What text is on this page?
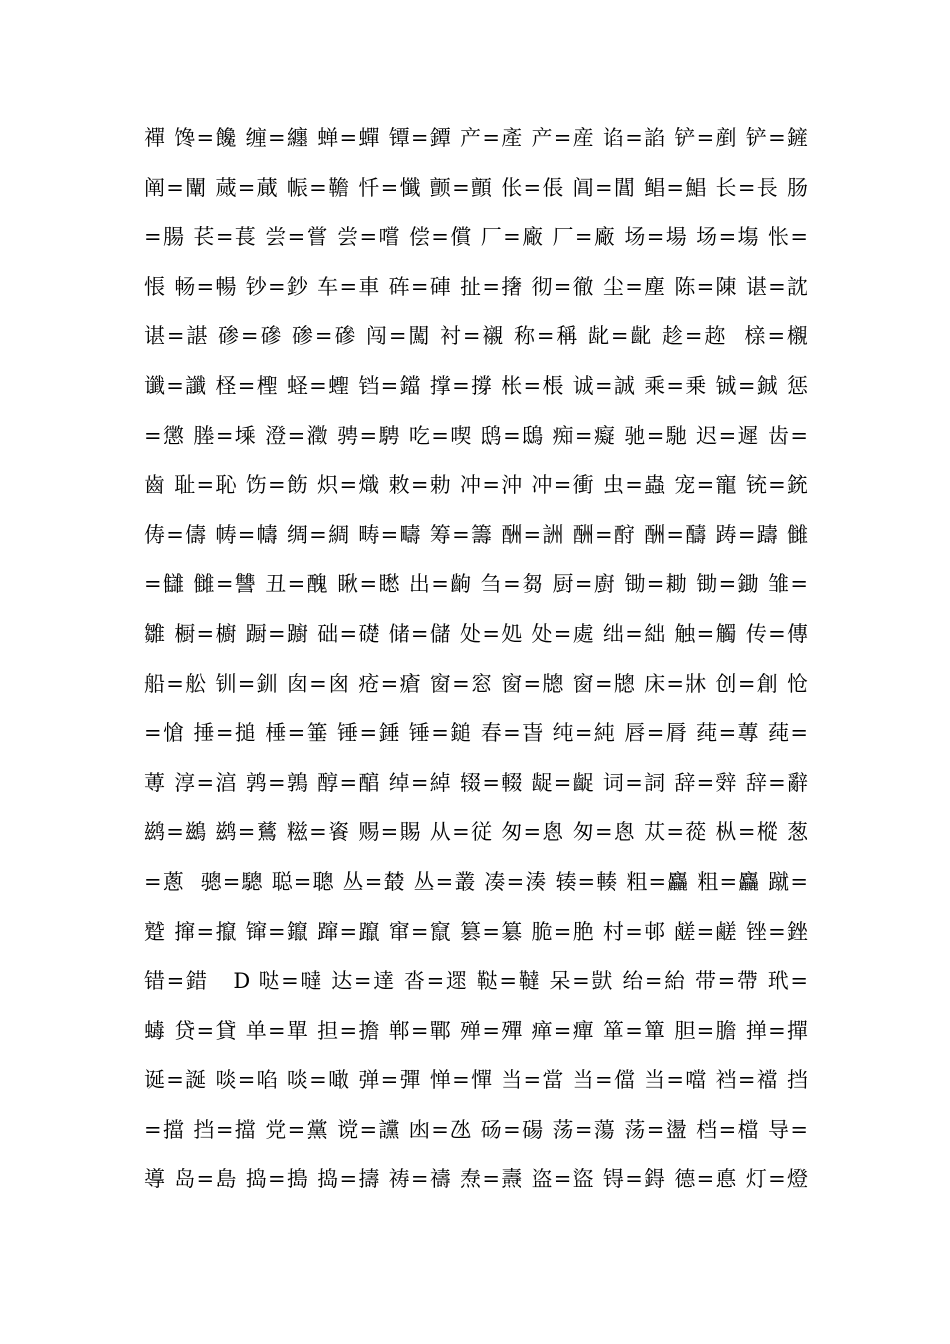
禪 馋=饞 缠=纏 蝉=蟬 镡=鐔 产=產 产=産 谄=諂 铲=剷 铲=鏟
阐=闡 蒇=蕆 帪=韂 忏=懺 颤=顫 伥=倀 阊=閶 鲳=鯧 长=長 肠
=腸 苌=萇 尝=嘗 尝=嚐 偿=償 厂=廠 厂=廠 场=場 场=塲 怅=
悵 畅=暢 钞=鈔 车=車 砗=硨 扯=撦 彻=徹 尘=塵 陈=陳 谌=訦
谌=諶 碜=磣 碜=磣 闯=闖 衬=襯 称=稱 龀=齔 趁=趂  榇=櫬
谶=讖 柽=檉 蛏=蟶 铛=鐺 撑=撐 枨=棖 诚=誠 乘=乗 铖=鋮 惩
=懲 塍=塖 澄=瀓 骋=騁 吃=喫 鸱=鴟 痴=癡 驰=馳 迟=遲 齿=
齒 耻=恥 饬=飭 炽=熾 敕=勅 冲=沖 冲=衝 虫=蟲 宠=寵 铳=銃
俦=儔 帱=幬 绸=綢 畴=疇 筹=籌 酬=詶 酬=酧 酬=醻 踌=躊 雠
=讎 雠=讐 丑=醜 瞅=矁 出=齣 刍=芻 厨=廚 锄=耡 锄=鋤 雏=
雛 橱=櫥 蹰=躕 础=礎 储=儲 处=処 处=處 绌=絀 触=觸 传=傳
船=舩 钏=釧 囱=囪 疮=瘡 窗=窓 窗=牕 窗=牕 床=牀 创=創 怆
=愴 捶=搥 棰=箠 锤=錘 锤=鎚 春=旾 纯=純 唇=脣 莼=蓴 莼=
蒪 淳=湻 鹑=鶉 醇=醕 绰=綽 辍=輟 龊=齪 词=詞 辞=辤 辞=辭
鹚=鷀 鹚=鶿 糍=餈 赐=賜 从=従 匆=悤 匆=悤 苁=蓯 枞=樅 葱
=蔥  骢=驄 聪=聰 丛=樷 丛=叢 凑=湊 辏=輳 粗=麤 粗=麤 蹴=
蹵 撺=攛 镩=鑹 蹿=躥 窜=竄 篡=簒 脆=脃 村=邨 鹾=鹺 锉=銼
错=錯   D 哒=噠 达=達 沓=遝 鞑=韃 呆=獃 绐=紿 带=帶 玳=
蝳 贷=貸 单=單 担=擔 郸=鄲 殚=殫 瘅=癉 箪=簞 胆=膽 掸=撣
诞=誕 啖=啗 啖=噉 弹=彈 惮=憚 当=當 当=儅 当=噹 裆=襠 挡
=擋 挡=擋 党=黨 谠=讜 凼=氹 砀=碭 荡=蕩 荡=盪 档=檔 导=
導 岛=島 捣=搗 捣=擣 祷=禱 焘=燾 盗=盜 锝=鍀 德=悳 灯=燈
